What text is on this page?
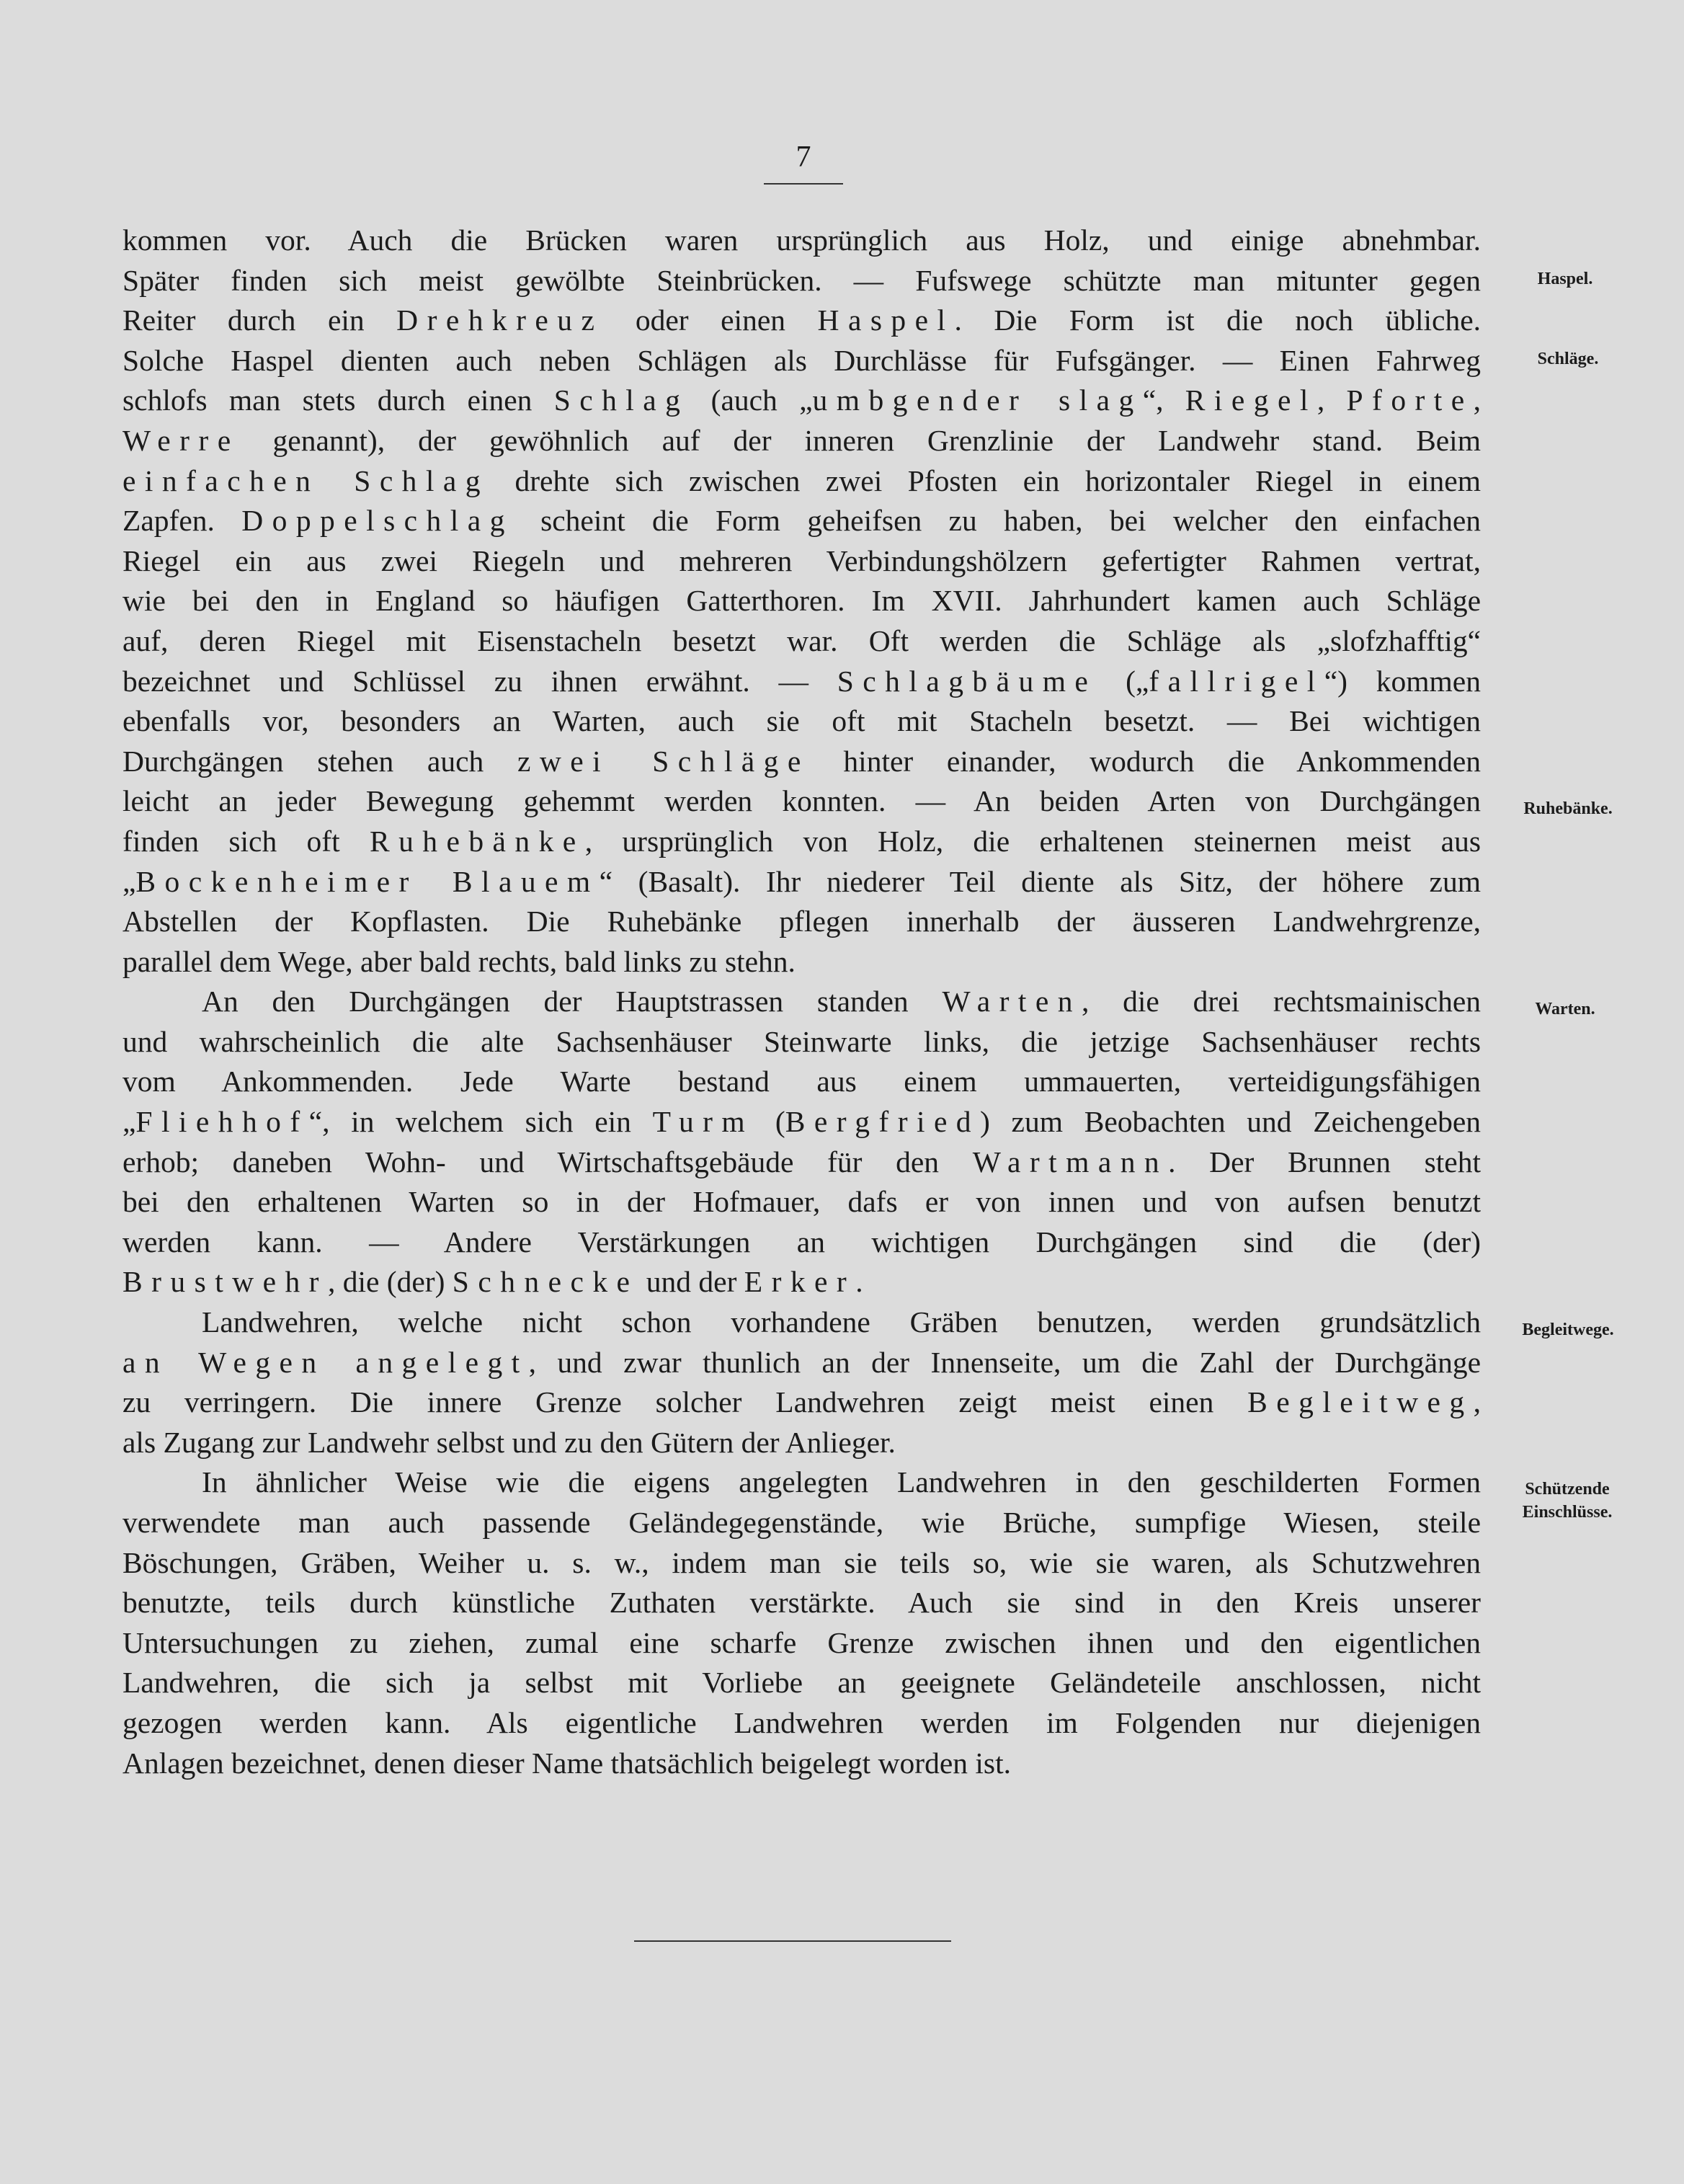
7
kommen vor. Auch die Brücken waren ursprünglich aus Holz, und einige abnehmbar.
Später finden sich meist gewölbte Steinbrücken. — Fufswege schützte man mitunter gegen
Reiter durch ein Drehkreuz oder einen Haspel. Die Form ist die noch übliche.
Solche Haspel dienten auch neben Schlägen als Durchlässe für Fufsgänger. — Einen Fahrweg
schlofs man stets durch einen Schlag (auch „umbgender slag“, Riegel, Pforte,
Werre genannt), der gewöhnlich auf der inneren Grenzlinie der Landwehr stand. Beim
einfachen Schlag drehte sich zwischen zwei Pfosten ein horizontaler Riegel in einem
Zapfen. Doppelschlag scheint die Form geheifsen zu haben, bei welcher den einfachen
Riegel ein aus zwei Riegeln und mehreren Verbindungshölzern gefertigter Rahmen vertrat,
wie bei den in England so häufigen Gatterthoren. Im XVII. Jahrhundert kamen auch Schläge
auf, deren Riegel mit Eisenstacheln besetzt war. Oft werden die Schläge als „slofzhafftig“
bezeichnet und Schlüssel zu ihnen erwähnt. — Schlagbäume („fallrigel“) kommen
ebenfalls vor, besonders an Warten, auch sie oft mit Stacheln besetzt. — Bei wichtigen
Durchgängen stehen auch zwei Schläge hinter einander, wodurch die Ankommenden
leicht an jeder Bewegung gehemmt werden konnten. — An beiden Arten von Durchgängen
finden sich oft Ruhebänke, ursprünglich von Holz, die erhaltenen steinernen meist aus
„Bockenheimer Blauem“ (Basalt). Ihr niederer Teil diente als Sitz, der höhere zum
Abstellen der Kopflasten. Die Ruhebänke pflegen innerhalb der äusseren Landwehrgrenze,
parallel dem Wege, aber bald rechts, bald links zu stehn.
An den Durchgängen der Hauptstrassen standen Warten, die drei rechtsmainischen
und wahrscheinlich die alte Sachsenhäuser Steinwarte links, die jetzige Sachsenhäuser rechts
vom Ankommenden. Jede Warte bestand aus einem ummauerten, verteidigungsfähigen
„Fliehhof“, in welchem sich ein Turm (Bergfried) zum Beobachten und Zeichengeben
erhob; daneben Wohn- und Wirtschaftsgebäude für den Wartmann. Der Brunnen steht
bei den erhaltenen Warten so in der Hofmauer, dafs er von innen und von aufsen benutzt
werden kann. — Andere Verstärkungen an wichtigen Durchgängen sind die (der)
Brustwehr, die (der) Schnecke und der Erker.
Landwehren, welche nicht schon vorhandene Gräben benutzen, werden grundsätzlich
an Wegen angelegt, und zwar thunlich an der Innenseite, um die Zahl der Durchgänge
zu verringern. Die innere Grenze solcher Landwehren zeigt meist einen Begleitweg,
als Zugang zur Landwehr selbst und zu den Gütern der Anlieger.
In ähnlicher Weise wie die eigens angelegten Landwehren in den geschilderten Formen
verwendete man auch passende Geländegegenstände, wie Brüche, sumpfige Wiesen, steile
Böschungen, Gräben, Weiher u. s. w., indem man sie teils so, wie sie waren, als Schutzwehren
benutzte, teils durch künstliche Zuthaten verstärkte. Auch sie sind in den Kreis unserer
Untersuchungen zu ziehen, zumal eine scharfe Grenze zwischen ihnen und den eigentlichen
Landwehren, die sich ja selbst mit Vorliebe an geeignete Geländeteile anschlossen, nicht
gezogen werden kann. Als eigentliche Landwehren werden im Folgenden nur diejenigen
Anlagen bezeichnet, denen dieser Name thatsächlich beigelegt worden ist.
Haspel.
Schläge.
Ruhebänke.
Warten.
Begleitwege.
Schützende
Einschlüsse.
